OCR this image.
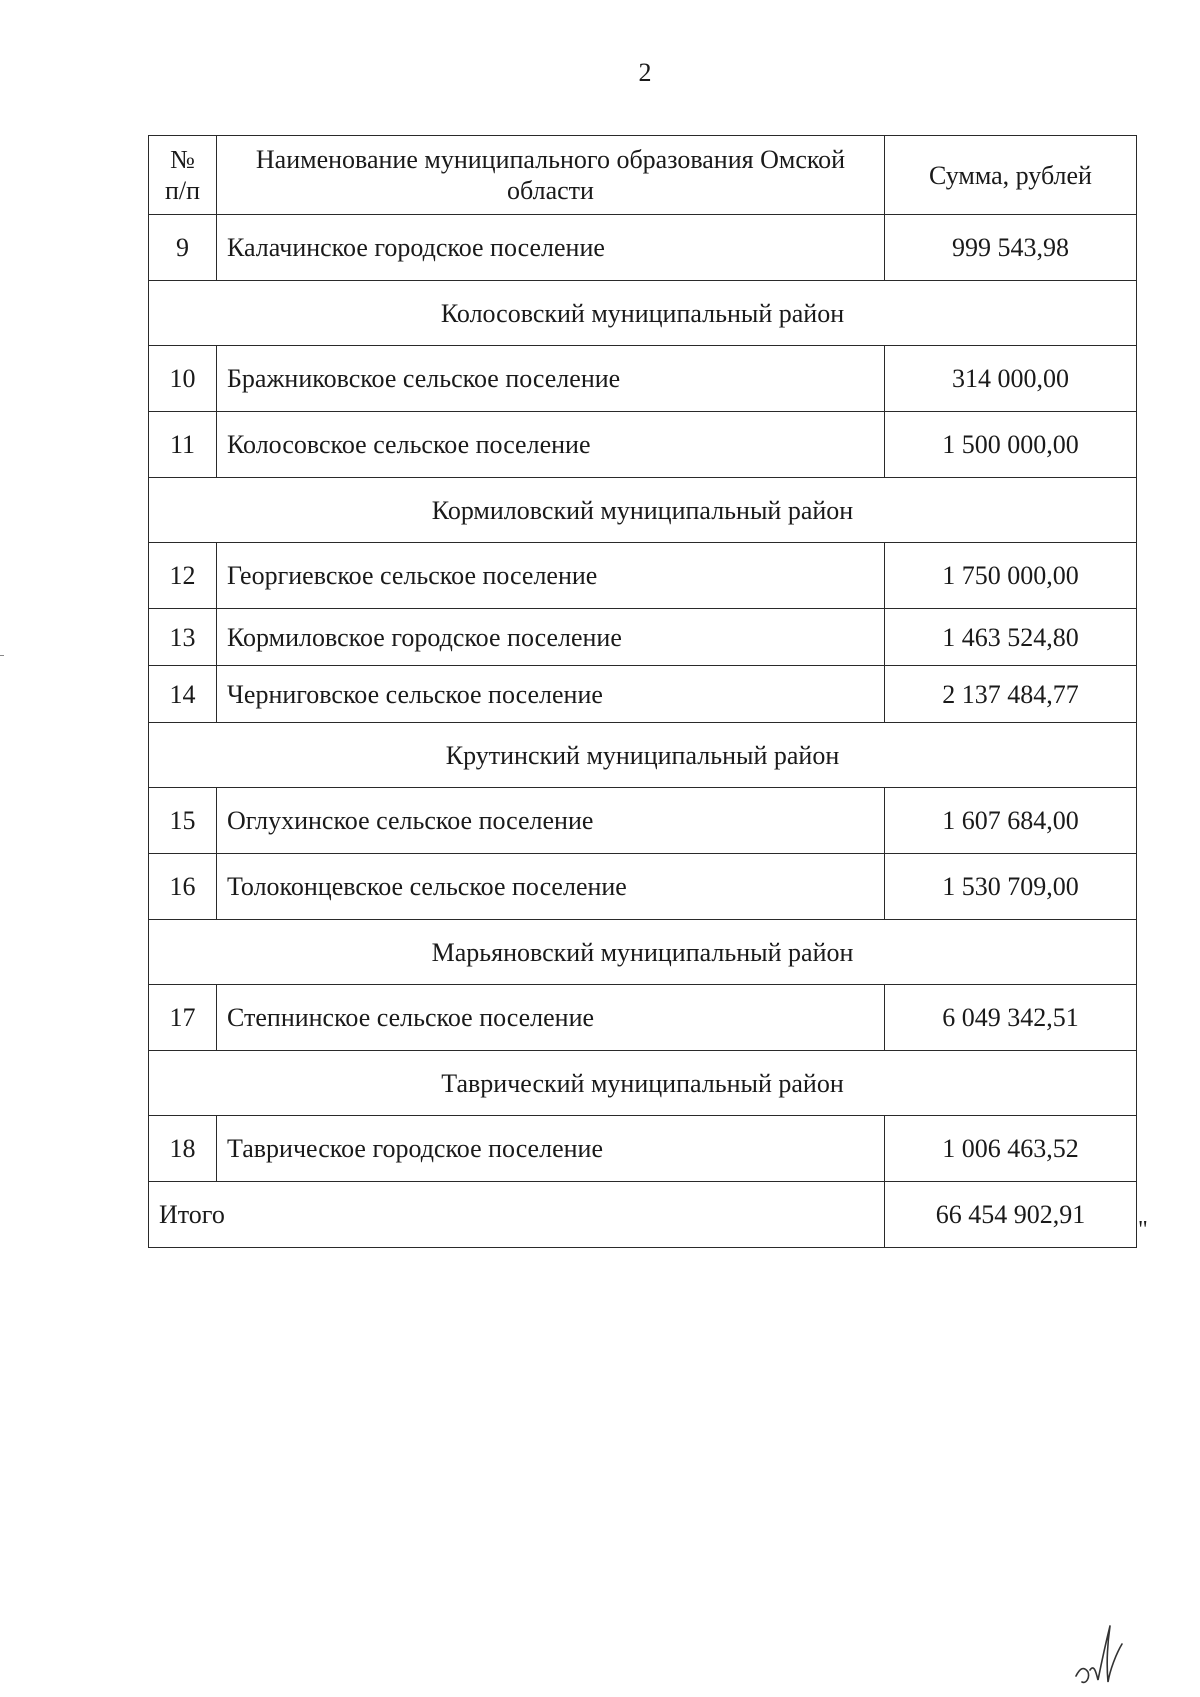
2
№ п/п	Наименование муниципального образования Омской области	Сумма, рублей
9	Калачинское городское поселение	999 543,98
Колосовский муниципальный район		
10	Бражниковское сельское поселение	314 000,00
11	Колосовское сельское поселение	1 500 000,00
Кормиловский муниципальный район		
12	Георгиевское сельское поселение	1 750 000,00
13	Кормиловское городское поселение	1 463 524,80
14	Черниговское сельское поселение	2 137 484,77
Крутинский муниципальный район		
15	Оглухинское сельское поселение	1 607 684,00
16	Толоконцевское сельское поселение	1 530 709,00
Марьяновский муниципальный район		
17	Степнинское сельское поселение	6 049 342,51
Таврический муниципальный район		
18	Таврическое городское поселение	1 006 463,52
Итого		66 454 902,91
"
